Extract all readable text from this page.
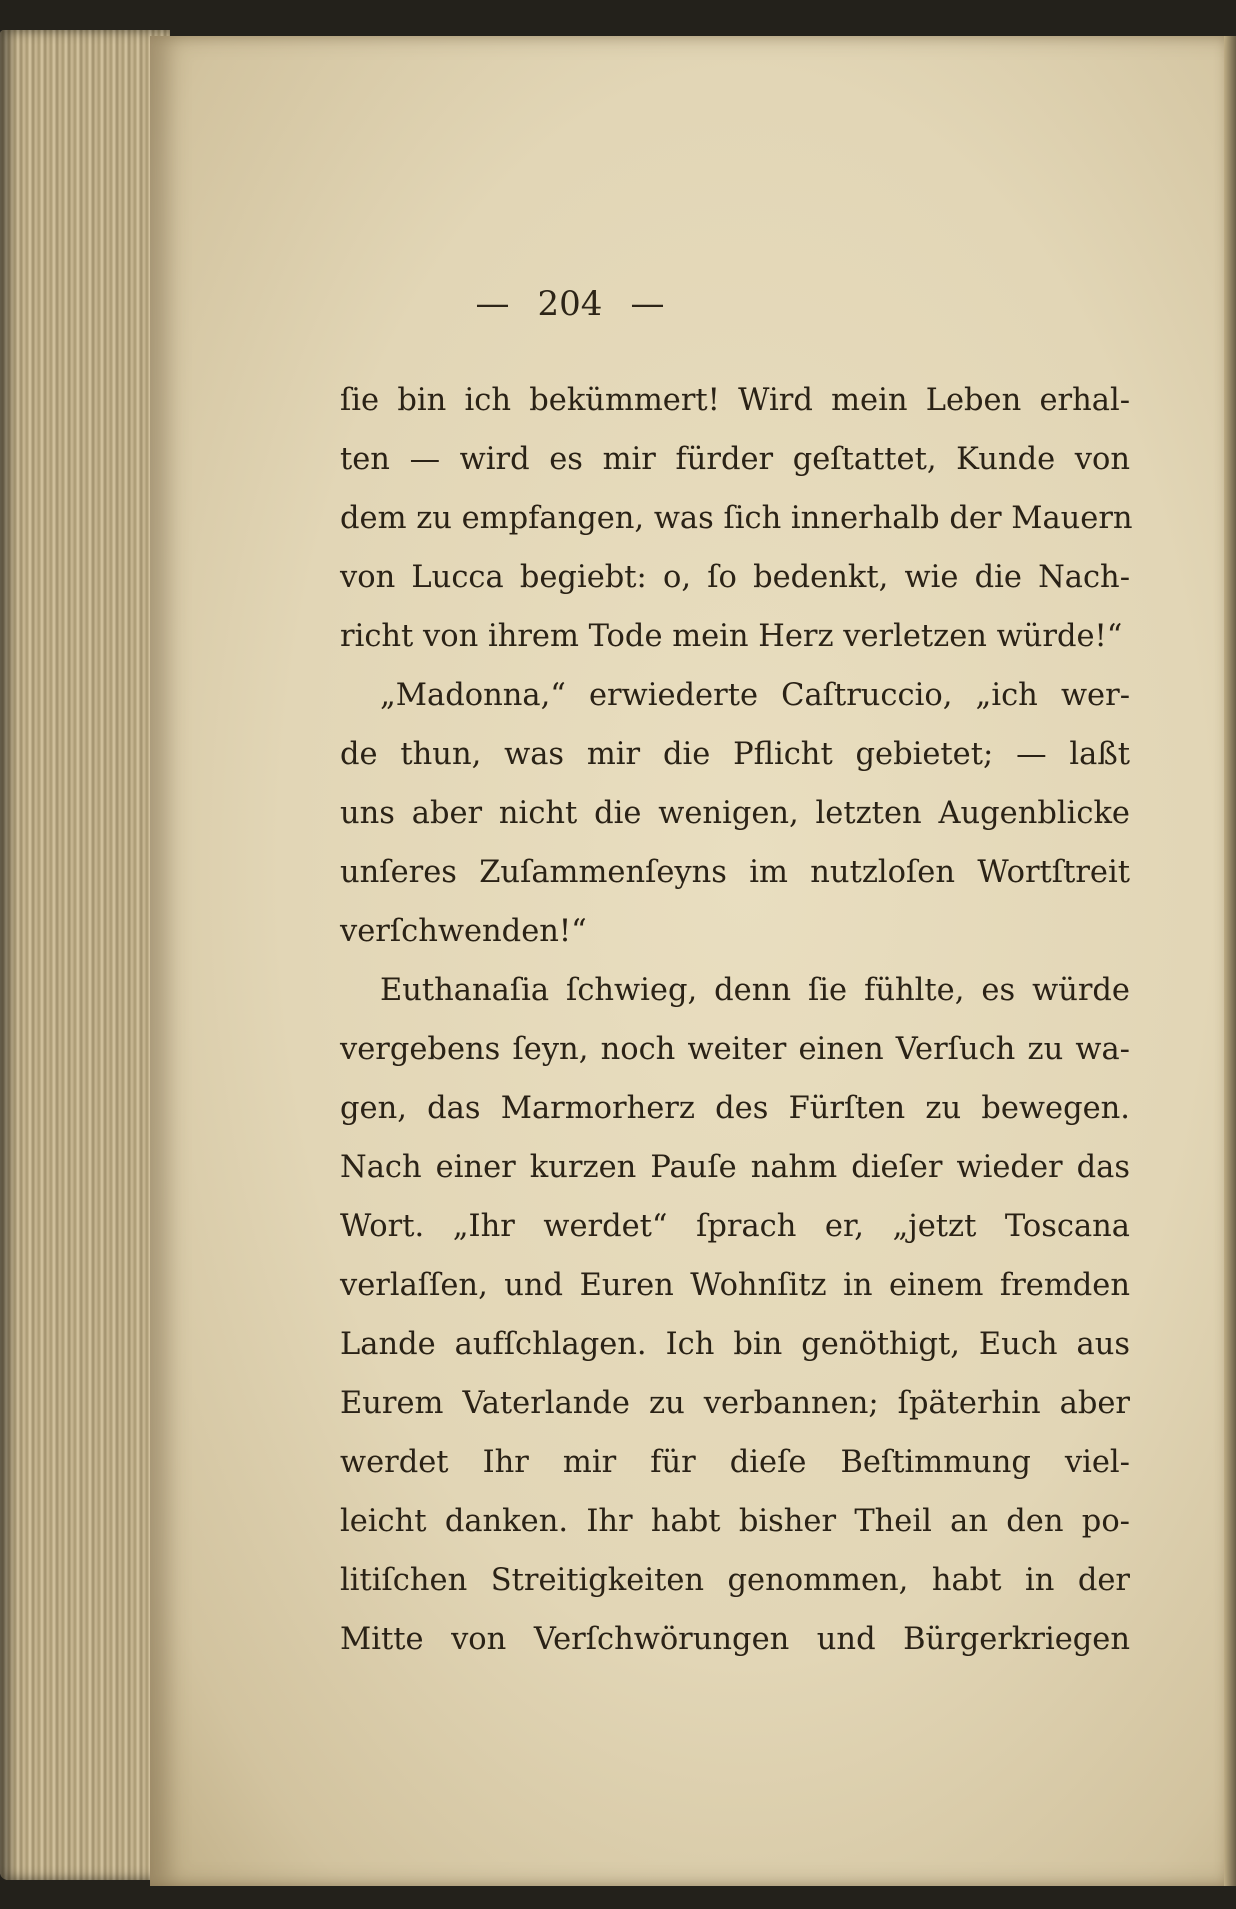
— 204 —
ſie bin ich bekümmert! Wird mein Leben erhal-
ten — wird es mir fürder geſtattet, Kunde von
dem zu empfangen, was ſich innerhalb der Mauern
von Lucca begiebt: o, ſo bedenkt, wie die Nach-
richt von ihrem Tode mein Herz verletzen würde!“
„Madonna,“ erwiederte Caſtruccio, „ich wer-
de thun, was mir die Pflicht gebietet; — laßt
uns aber nicht die wenigen, letzten Augenblicke
unſeres Zuſammenſeyns im nutzloſen Wortſtreit
verſchwenden!“
Euthanaſia ſchwieg, denn ſie fühlte, es würde
vergebens ſeyn, noch weiter einen Verſuch zu wa-
gen, das Marmorherz des Fürſten zu bewegen.
Nach einer kurzen Pauſe nahm dieſer wieder das
Wort. „Ihr werdet“ ſprach er, „jetzt Toscana
verlaſſen, und Euren Wohnſitz in einem fremden
Lande aufſchlagen. Ich bin genöthigt, Euch aus
Eurem Vaterlande zu verbannen; ſpäterhin aber
werdet Ihr mir für dieſe Beſtimmung viel-
leicht danken. Ihr habt bisher Theil an den po-
litiſchen Streitigkeiten genommen, habt in der
Mitte von Verſchwörungen und Bürgerkriegen
